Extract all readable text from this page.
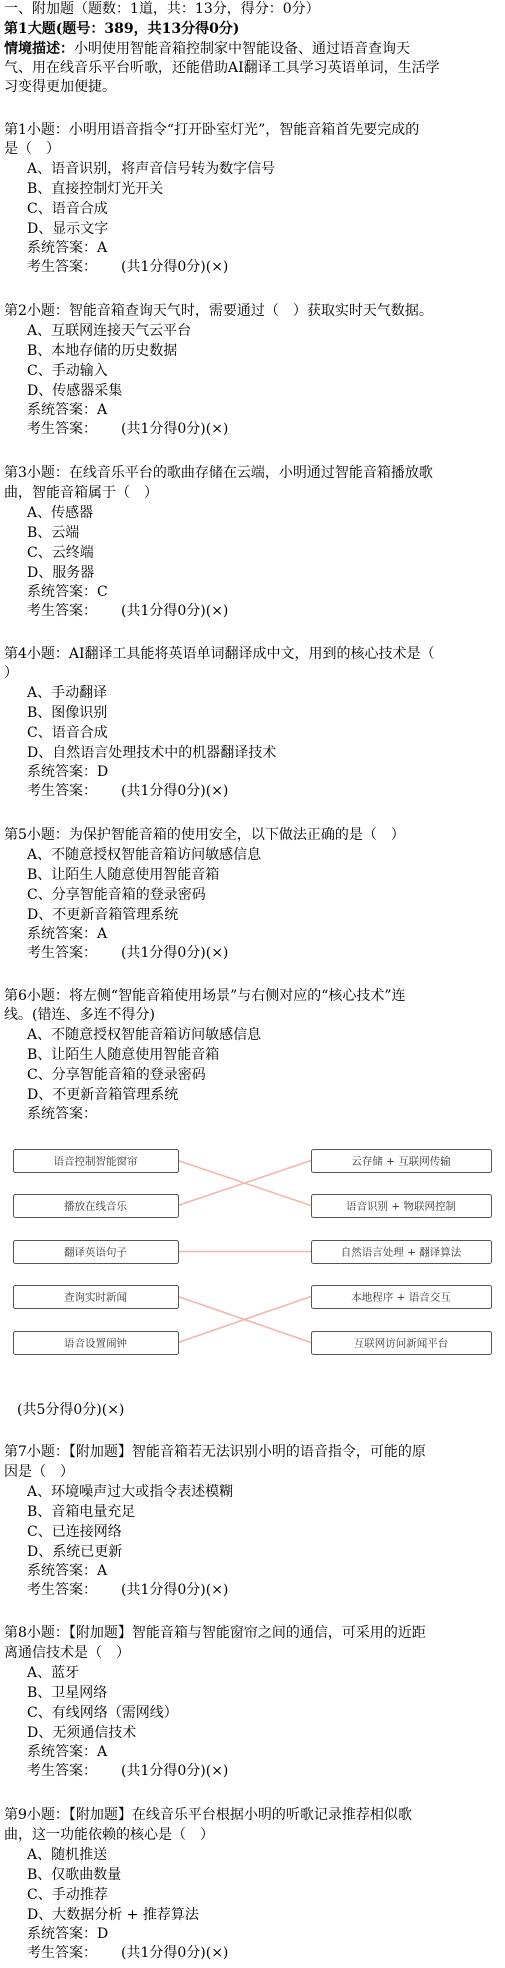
一、附加题（题数：1道，共：13分，得分：0分）
第1大题(题号：389，共13分得0分)
情境描述：小明使用智能音箱控制家中智能设备、通过语音查询天
气、用在线音乐平台听歌，还能借助AI翻译工具学习英语单词，生活学
习变得更加便捷。
第1小题：小明用语音指令“打开卧室灯光”，智能音箱首先要完成的
是（　）
A、语音识别，将声音信号转为数字信号
B、直接控制灯光开关
C、语音合成
D、显示文字
系统答案：A
考生答案： (共1分得0分)(×)
第2小题：智能音箱查询天气时，需要通过（　）获取实时天气数据。
A、互联网连接天气云平台
B、本地存储的历史数据
C、手动输入
D、传感器采集
系统答案：A
考生答案： (共1分得0分)(×)
第3小题：在线音乐平台的歌曲存储在云端，小明通过智能音箱播放歌
曲，智能音箱属于（　）
A、传感器
B、云端
C、云终端
D、服务器
系统答案：C
考生答案： (共1分得0分)(×)
第4小题：AI翻译工具能将英语单词翻译成中文，用到的核心技术是（
）
A、手动翻译
B、图像识别
C、语音合成
D、自然语言处理技术中的机器翻译技术
系统答案：D
考生答案： (共1分得0分)(×)
第5小题：为保护智能音箱的使用安全，以下做法正确的是（　）
A、不随意授权智能音箱访问敏感信息
B、让陌生人随意使用智能音箱
C、分享智能音箱的登录密码
D、不更新音箱管理系统
系统答案：A
考生答案： (共1分得0分)(×)
第6小题：将左侧“智能音箱使用场景”与右侧对应的“核心技术”连
线。(错连、多连不得分)
A、不随意授权智能音箱访问敏感信息
B、让陌生人随意使用智能音箱
C、分享智能音箱的登录密码
D、不更新音箱管理系统
系统答案：
语音控制智能窗帘
播放在线音乐
翻译英语句子
查询实时新闻
语音设置闹钟
云存储 + 互联网传输
语音识别 + 物联网控制
自然语言处理 + 翻译算法
本地程序 + 语音交互
互联网访问新闻平台
(共5分得0分)(×)
第7小题：【附加题】智能音箱若无法识别小明的语音指令，可能的原
因是（　）
A、环境噪声过大或指令表述模糊
B、音箱电量充足
C、已连接网络
D、系统已更新
系统答案：A
考生答案： (共1分得0分)(×)
第8小题：【附加题】智能音箱与智能窗帘之间的通信，可采用的近距
离通信技术是（　）
A、蓝牙
B、卫星网络
C、有线网络（需网线）
D、无须通信技术
系统答案：A
考生答案： (共1分得0分)(×)
第9小题：【附加题】在线音乐平台根据小明的听歌记录推荐相似歌
曲，这一功能依赖的核心是（　）
A、随机推送
B、仅歌曲数量
C、手动推荐
D、大数据分析 + 推荐算法
系统答案：D
考生答案： (共1分得0分)(×)
